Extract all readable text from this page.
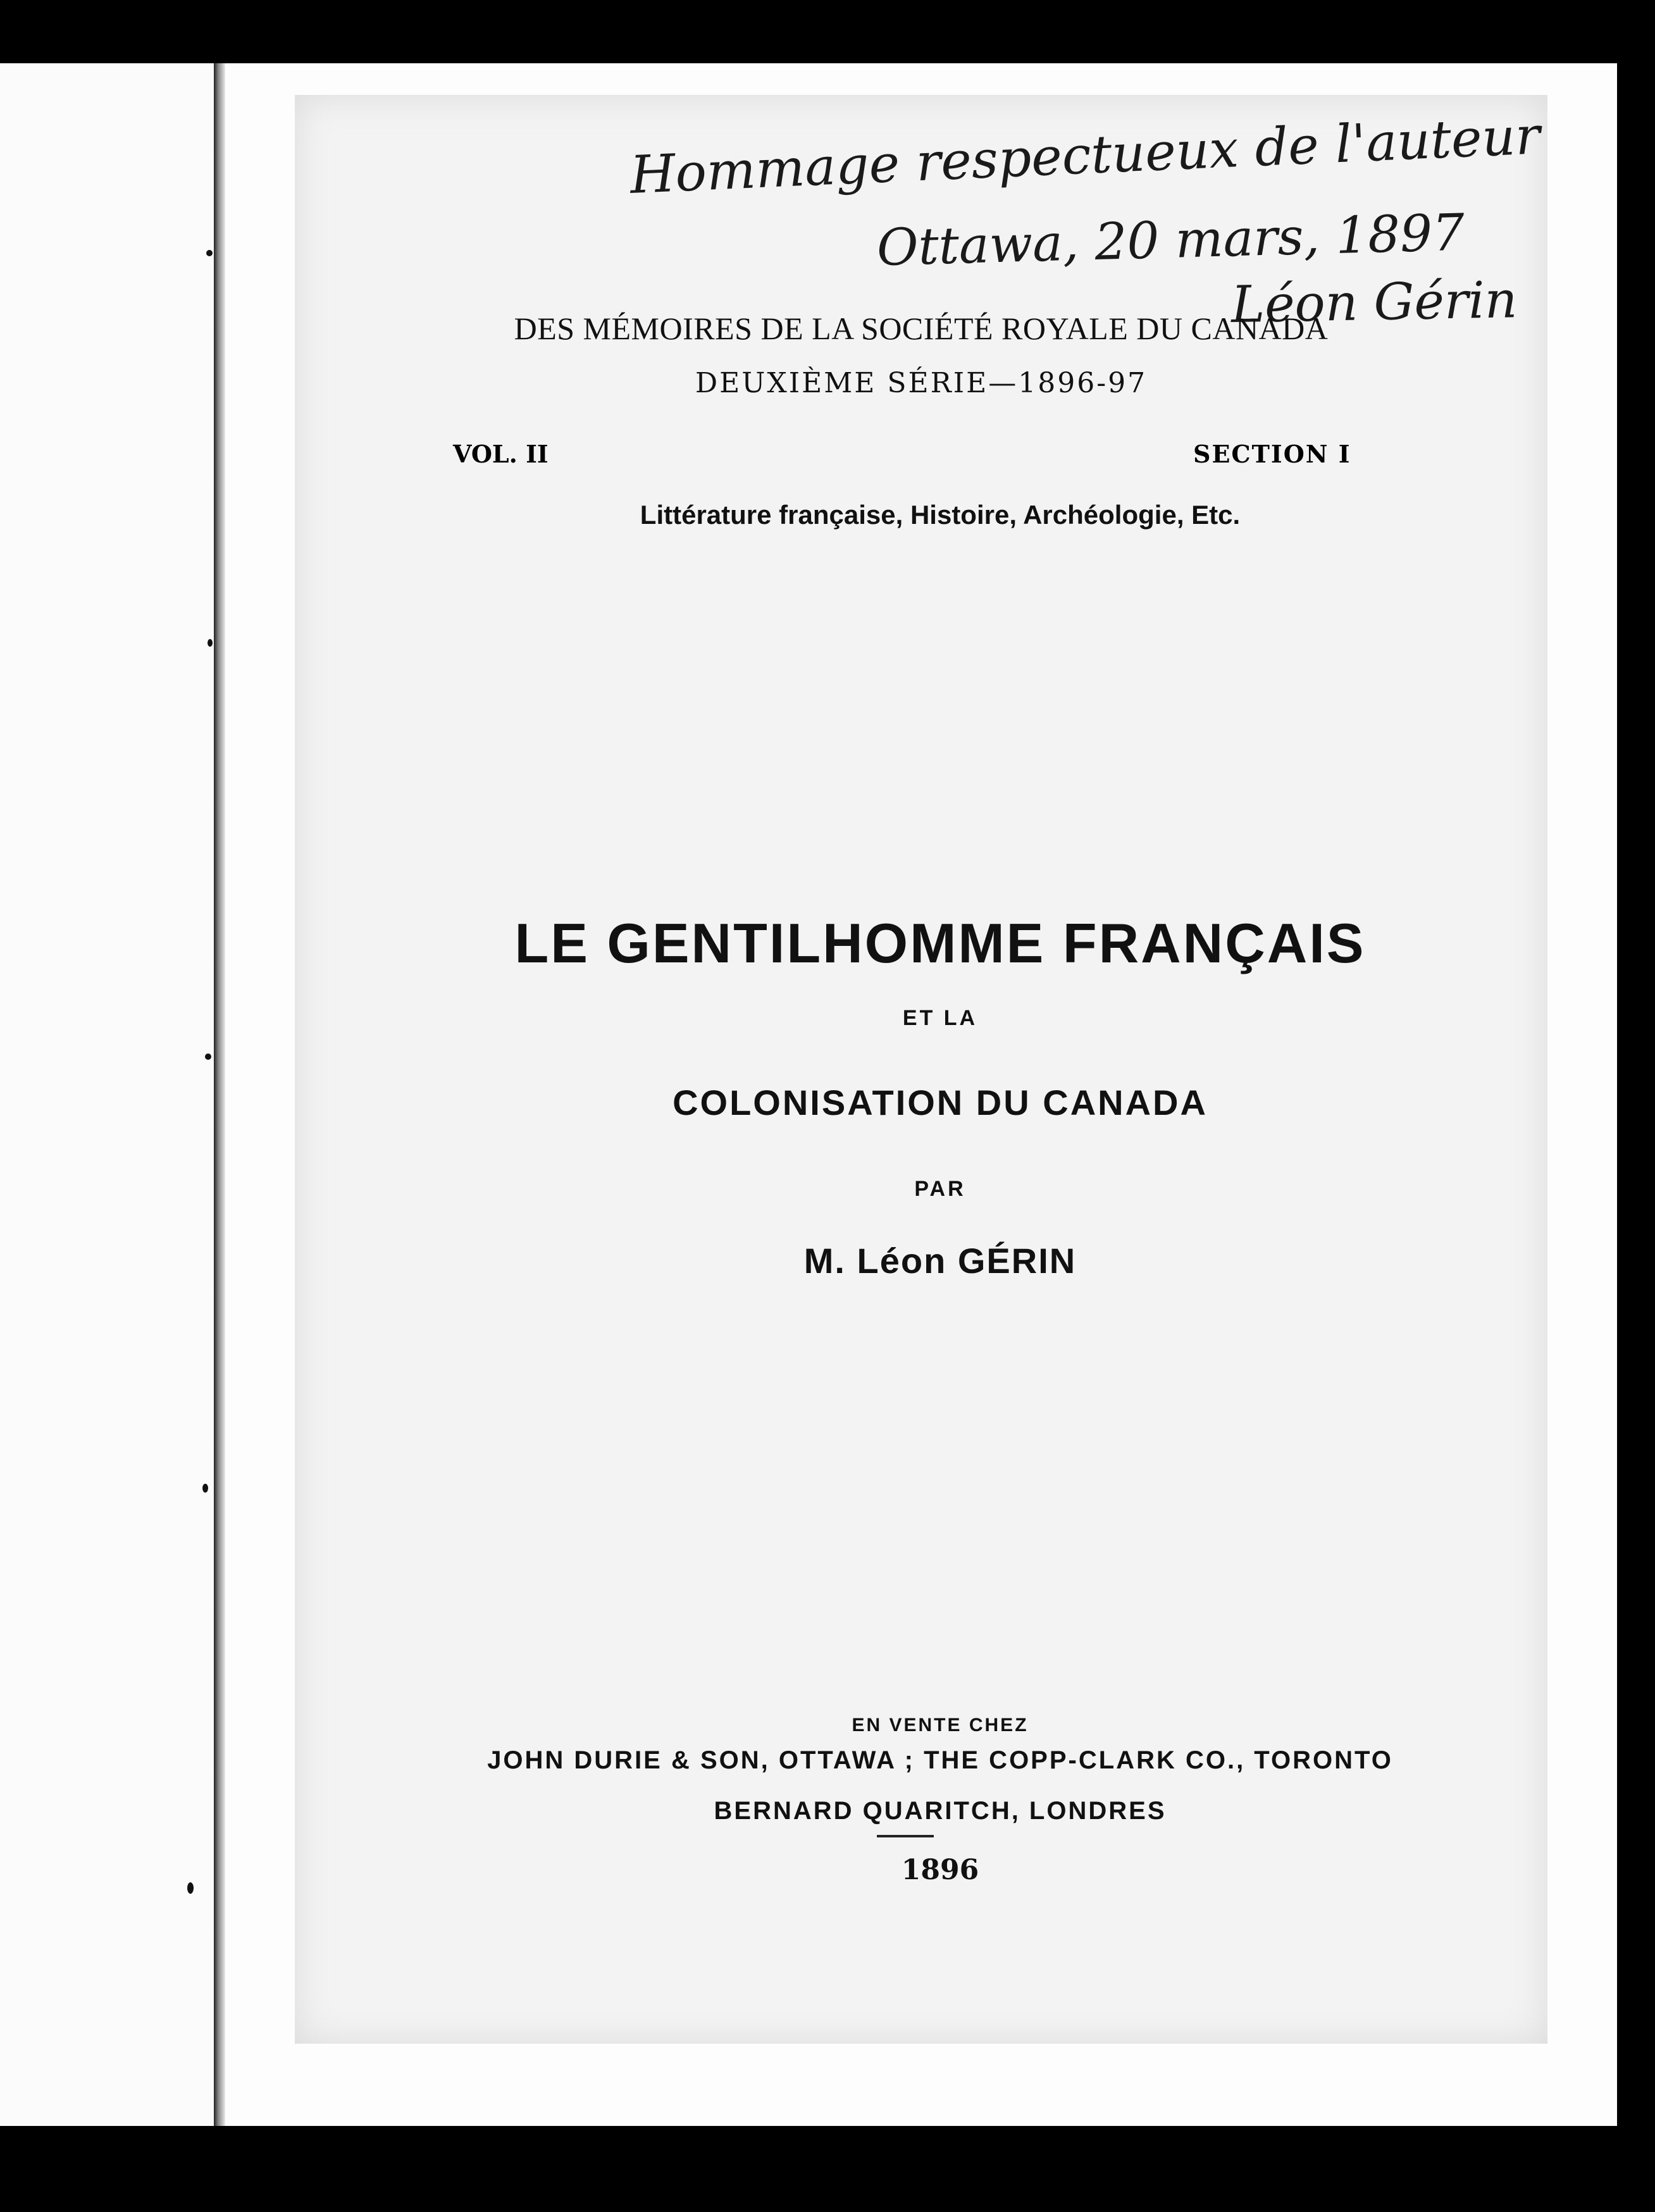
Hommage respectueux de l'auteur
Ottawa, 20 mars, 1897
Léon Gérin
DES MÉMOIRES DE LA SOCIÉTÉ ROYALE DU CANADA
DEUXIÈME SÉRIE—1896-97
VOL. II	SECTION I
Littérature française, Histoire, Archéologie, Etc.
LE GENTILHOMME FRANÇAIS
ET LA
COLONISATION DU CANADA
PAR
M. Léon GÉRIN
EN VENTE CHEZ
JOHN DURIE & SON, OTTAWA ; THE COPP-CLARK CO., TORONTO
BERNARD QUARITCH, LONDRES
1896
